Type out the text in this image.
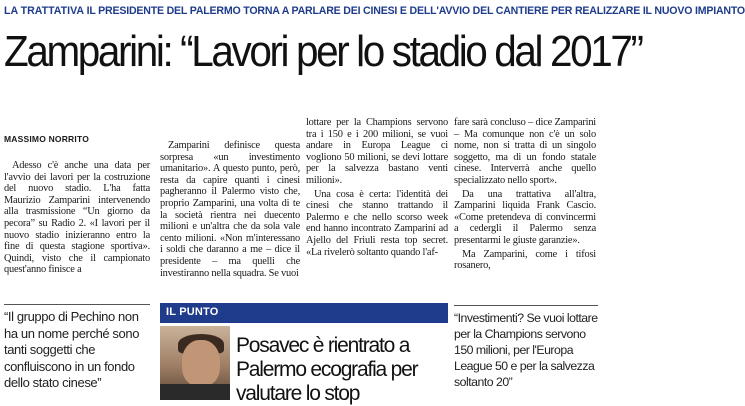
LA TRATTATIVA IL PRESIDENTE DEL PALERMO TORNA A PARLARE DEI CINESI E DELL'AVVIO DEL CANTIERE PER REALIZZARE IL NUOVO IMPIANTO
Zamparini: “Lavori per lo stadio dal 2017”
MASSIMO NORRITO

Adesso c'è anche una data per l'avvio dei lavori per la costruzione del nuovo stadio. L'ha fatta Maurizio Zamparini intervenendo alla trasmissione “Un giorno da pecora” su Radio 2. «I lavori per il nuovo stadio inizieranno entro la fine di questa stagione sportiva». Quindi, visto che il campionato quest'anno finisce a

Zamparini definisce questa sorpresa «un investimento umanitario». A questo punto, però, resta da capire quanti i cinesi pagheranno il Palermo visto che, proprio Zamparini, una volta di te la società rientra nei duecento milioni e un'altra che da sola vale cento milioni. «Non m'interessano i soldi che daranno a me – dice il presidente – ma quelli che investiranno nella squadra. Se vuoi

lottare per la Champions servono tra i 150 e i 200 milioni, se vuoi andare in Europa League ci vogliono 50 milioni, se devi lottare per la salvezza bastano venti milioni».

Una cosa è certa: l'identità dei cinesi che stanno trattando il Palermo e che nello scorso week end hanno incontrato Zamparini ad Ajello del Friuli resta top secret. «La rivelerò soltanto quando l'af-

fare sarà concluso – dice Zamparini – Ma comunque non c'è un solo nome, non si tratta di un singolo soggetto, ma di un fondo statale cinese. Interverrà anche quello specializzato nello sport».

Da una trattativa all'altra, Zamparini liquida Frank Cascio. «Come pretendeva di convincermi a cedergli il Palermo senza presentarmi le giuste garanzie».

Ma Zamparini, come i tifosi rosanero,

“Il gruppo di Pechino non ha un nome perché sono tanti soggetti che confluiscono in un fondo dello stato cinese”
IL PUNTO
Posavec è rientrato a Palermo ecografia per valutare lo stop
“Investimenti? Se vuoi lottare per la Champions servono 150 milioni, per l'Europa League 50 e per la salvezza soltanto 20”
